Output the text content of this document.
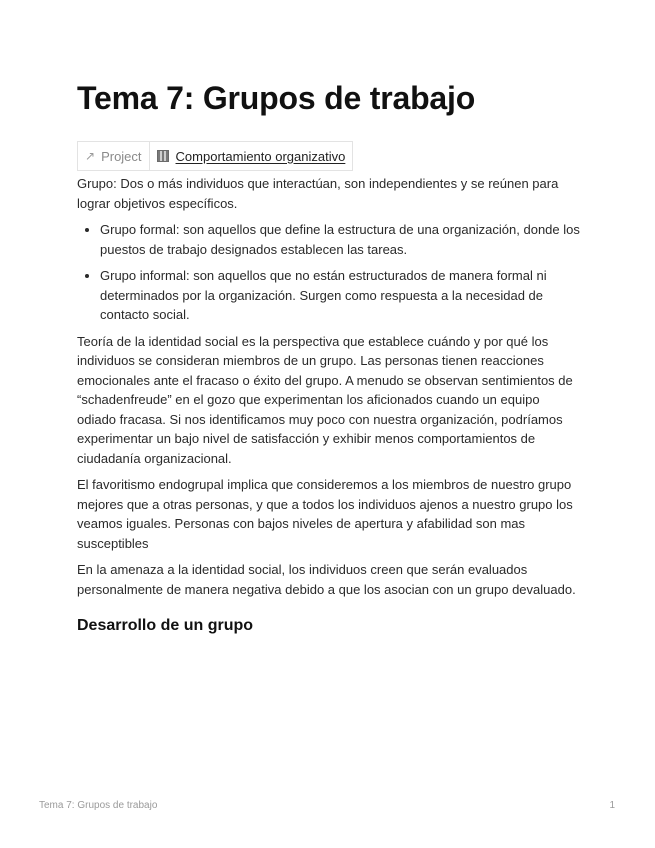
Tema 7: Grupos de trabajo
↗ Project	Comportamiento organizativo

Grupo: Dos o más individuos que interactúan, son independientes y se reúnen para lograr objetivos específicos.

• Grupo formal: son aquellos que define la estructura de una organización, donde los puestos de trabajo designados establecen las tareas.
• Grupo informal: son aquellos que no están estructurados de manera formal ni determinados por la organización. Surgen como respuesta a la necesidad de contacto social.

Teoría de la identidad social es la perspectiva que establece cuándo y por qué los individuos se consideran miembros de un grupo. Las personas tienen reacciones emocionales ante el fracaso o éxito del grupo. A menudo se observan sentimientos de “schadenfreude” en el gozo que experimentan los aficionados cuando un equipo odiado fracasa. Si nos identificamos muy poco con nuestra organización, podríamos experimentar un bajo nivel de satisfacción y exhibir menos comportamientos de ciudadanía organizacional.

El favoritismo endogrupal implica que consideremos a los miembros de nuestro grupo mejores que a otras personas, y que a todos los individuos ajenos a nuestro grupo los veamos iguales. Personas con bajos niveles de apertura y afabilidad son mas susceptibles

En la amenaza a la identidad social, los individuos creen que serán evaluados personalmente de manera negativa debido a que los asocian con un grupo devaluado.

Desarrollo de un grupo
Tema 7: Grupos de trabajo	1
